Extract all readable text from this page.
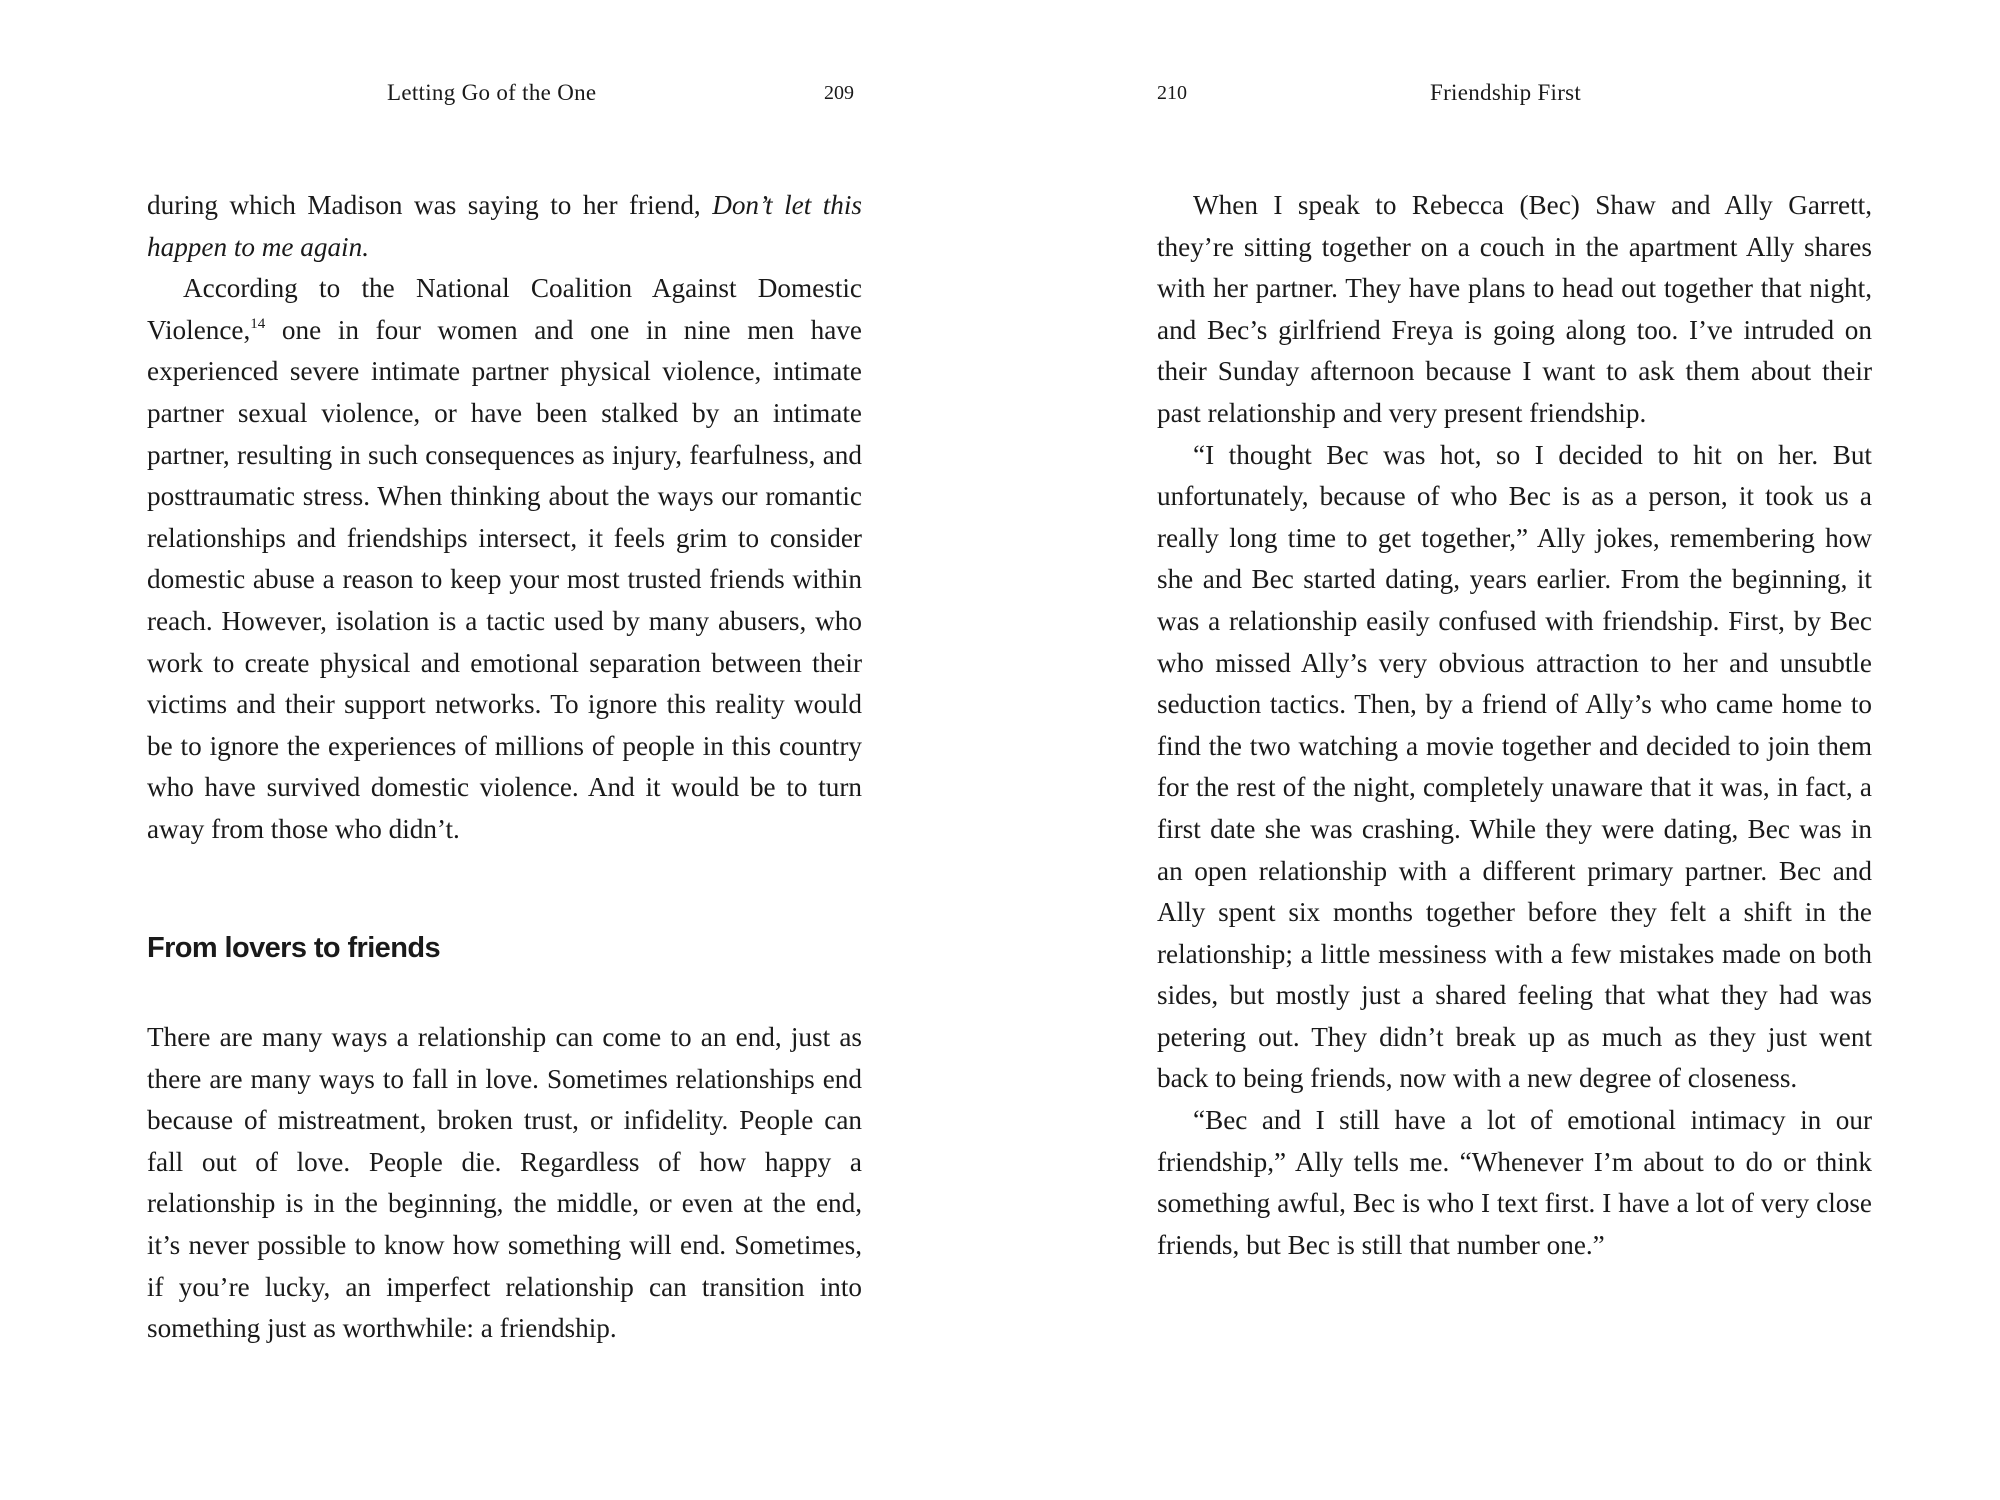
Letting Go of the One	209

during which Madison was saying to her friend, Don’t let this happen to me again.

According to the National Coalition Against Domestic Violence,$^{14}$ one in four women and one in nine men have experienced severe intimate partner physical violence, intimate partner sexual violence, or have been stalked by an intimate partner, resulting in such consequences as injury, fearfulness, and posttraumatic stress. When thinking about the ways our romantic relationships and friendships intersect, it feels grim to consider domestic abuse a reason to keep your most trusted friends within reach. However, isolation is a tactic used by many abusers, who work to create physical and emotional separation between their victims and their support networks. To ignore this reality would be to ignore the experiences of millions of people in this country who have survived domestic violence. And it would be to turn away from those who didn’t.

From lovers to friends

There are many ways a relationship can come to an end, just as there are many ways to fall in love. Sometimes relationships end because of mistreatment, broken trust, or infidelity. People can fall out of love. People die. Regardless of how happy a relationship is in the beginning, the middle, or even at the end, it’s never possible to know how something will end. Sometimes, if you’re lucky, an imperfect relationship can transition into something just as worthwhile: a friendship.

210	Friendship First

When I speak to Rebecca (Bec) Shaw and Ally Garrett, they’re sitting together on a couch in the apartment Ally shares with her partner. They have plans to head out together that night, and Bec’s girlfriend Freya is going along too. I’ve intruded on their Sunday afternoon because I want to ask them about their past relationship and very present friendship.

“I thought Bec was hot, so I decided to hit on her. But unfortunately, because of who Bec is as a person, it took us a really long time to get together,” Ally jokes, remembering how she and Bec started dating, years earlier. From the beginning, it was a relationship easily confused with friendship. First, by Bec who missed Ally’s very obvious attraction to her and unsubtle seduction tactics. Then, by a friend of Ally’s who came home to find the two watching a movie together and decided to join them for the rest of the night, completely unaware that it was, in fact, a first date she was crashing. While they were dating, Bec was in an open relationship with a different primary partner. Bec and Ally spent six months together before they felt a shift in the relationship; a little messiness with a few mistakes made on both sides, but mostly just a shared feeling that what they had was petering out. They didn’t break up as much as they just went back to being friends, now with a new degree of closeness.

“Bec and I still have a lot of emotional intimacy in our friendship,” Ally tells me. “Whenever I’m about to do or think something awful, Bec is who I text first. I have a lot of very close friends, but Bec is still that number one.”
